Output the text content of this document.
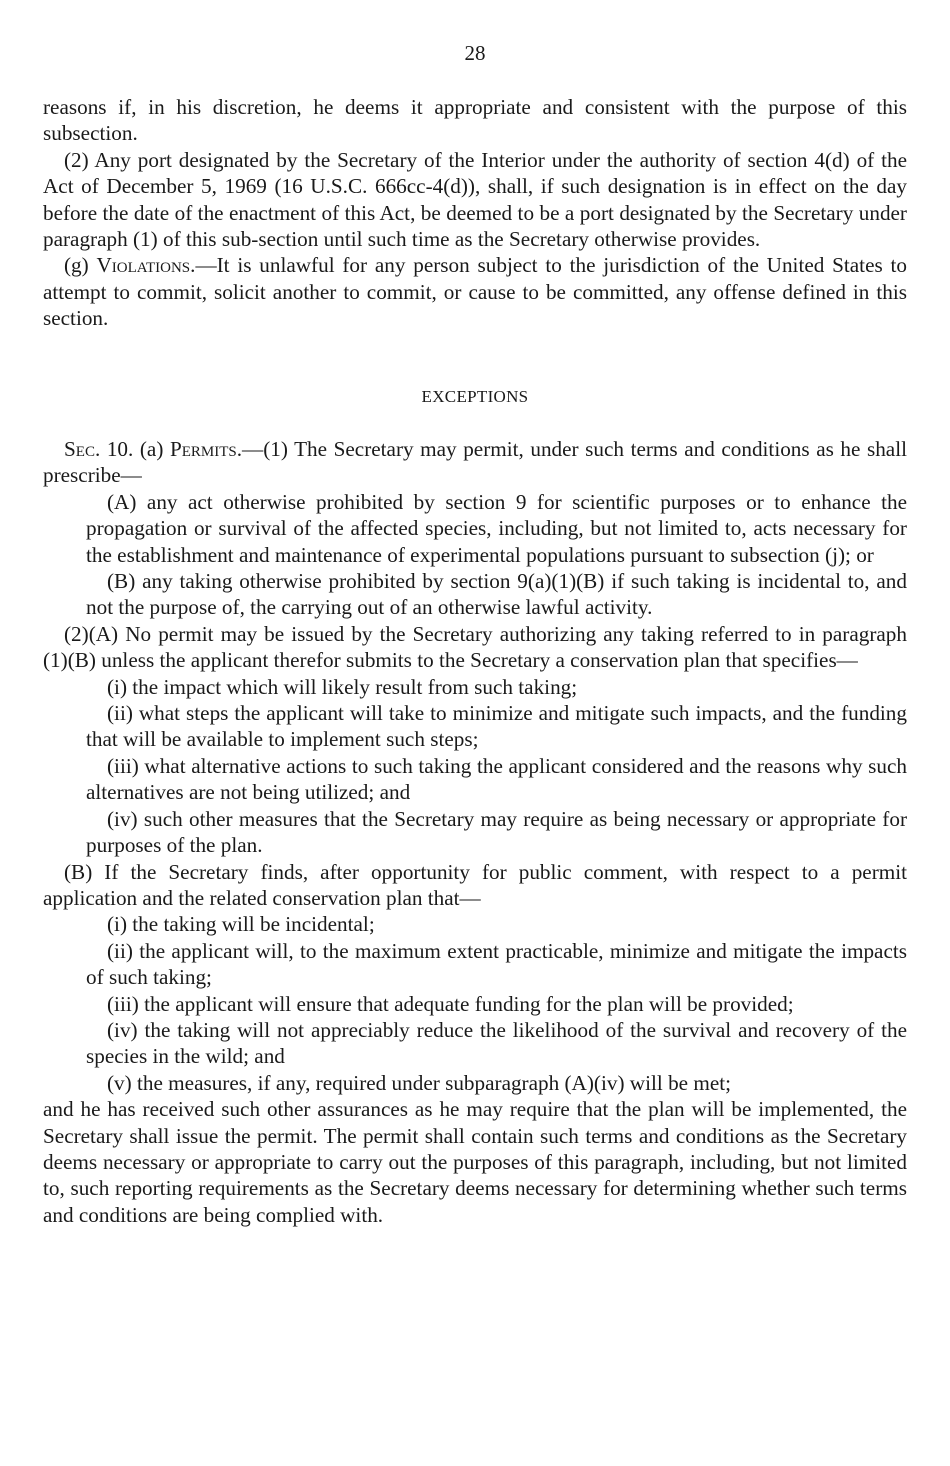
28

reasons if, in his discretion, he deems it appropriate and consistent with the purpose of this subsection.

(2) Any port designated by the Secretary of the Interior under the authority of section 4(d) of the Act of December 5, 1969 (16 U.S.C. 666cc-4(d)), shall, if such designation is in effect on the day before the date of the enactment of this Act, be deemed to be a port designated by the Secretary under paragraph (1) of this sub-section until such time as the Secretary otherwise provides.

(g) Violations.—It is unlawful for any person subject to the jurisdiction of the United States to attempt to commit, solicit another to commit, or cause to be committed, any offense defined in this section.

EXCEPTIONS

Sec. 10. (a) Permits.—(1) The Secretary may permit, under such terms and conditions as he shall prescribe—

(A) any act otherwise prohibited by section 9 for scientific purposes or to enhance the propagation or survival of the affected species, including, but not limited to, acts necessary for the establishment and maintenance of experimental populations pursuant to subsection (j); or

(B) any taking otherwise prohibited by section 9(a)(1)(B) if such taking is incidental to, and not the purpose of, the carrying out of an otherwise lawful activity.

(2)(A) No permit may be issued by the Secretary authorizing any taking referred to in paragraph (1)(B) unless the applicant therefor submits to the Secretary a conservation plan that specifies—

(i) the impact which will likely result from such taking;

(ii) what steps the applicant will take to minimize and mitigate such impacts, and the funding that will be available to implement such steps;

(iii) what alternative actions to such taking the applicant considered and the reasons why such alternatives are not being utilized; and

(iv) such other measures that the Secretary may require as being necessary or appropriate for purposes of the plan.

(B) If the Secretary finds, after opportunity for public comment, with respect to a permit application and the related conservation plan that—

(i) the taking will be incidental;

(ii) the applicant will, to the maximum extent practicable, minimize and mitigate the impacts of such taking;

(iii) the applicant will ensure that adequate funding for the plan will be provided;

(iv) the taking will not appreciably reduce the likelihood of the survival and recovery of the species in the wild; and

(v) the measures, if any, required under subparagraph (A)(iv) will be met;

and he has received such other assurances as he may require that the plan will be implemented, the Secretary shall issue the permit. The permit shall contain such terms and conditions as the Secretary deems necessary or appropriate to carry out the purposes of this paragraph, including, but not limited to, such reporting requirements as the Secretary deems necessary for determining whether such terms and conditions are being complied with.
